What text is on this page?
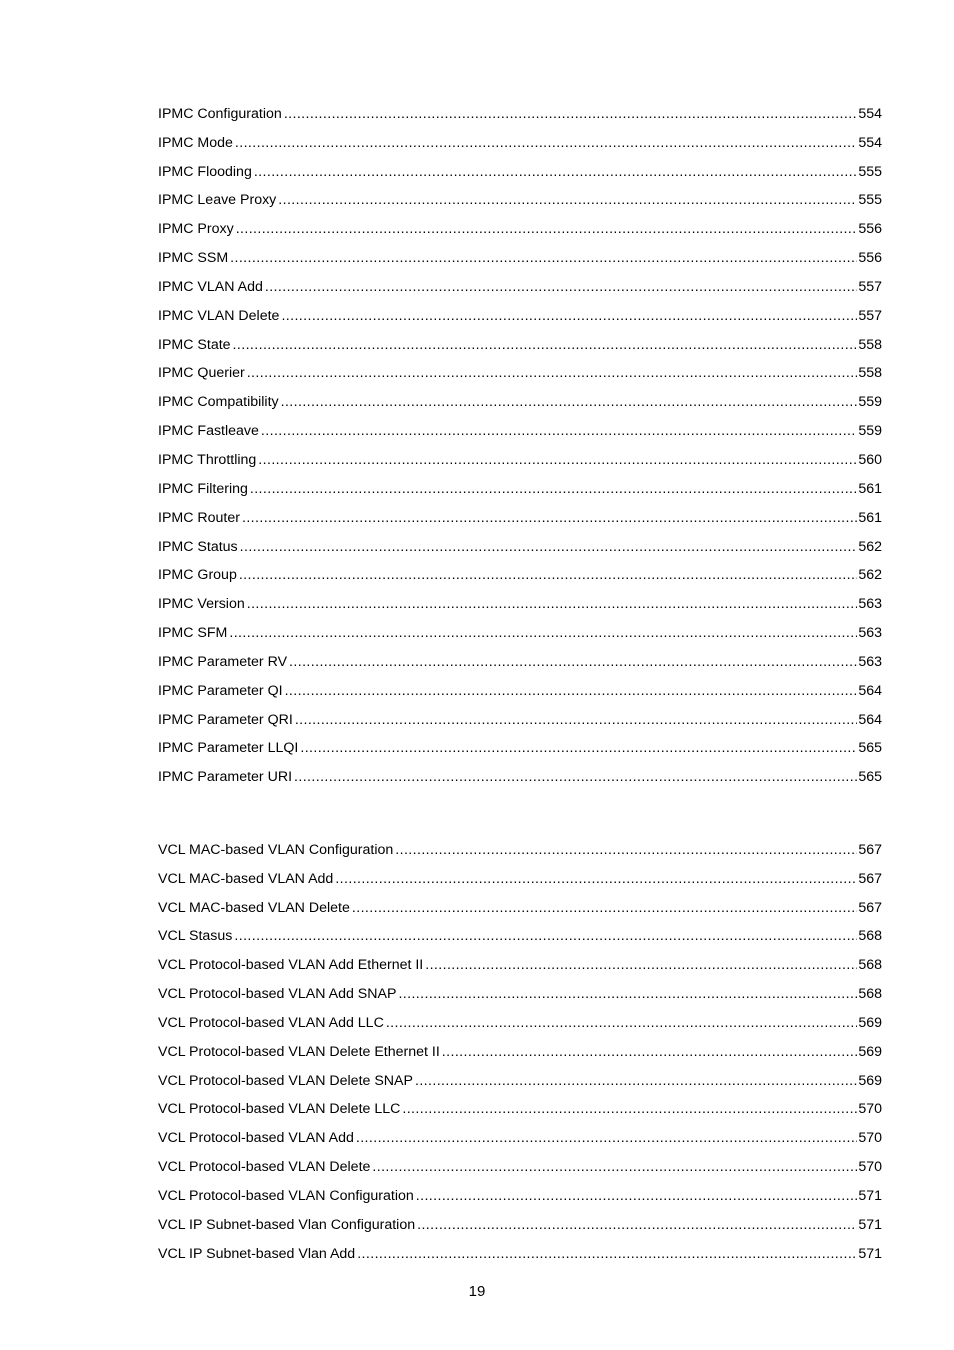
IPMC Configuration .....	554
IPMC Mode .....	554
IPMC Flooding .....	555
IPMC Leave Proxy .....	555
IPMC Proxy .....	556
IPMC SSM .....	556
IPMC VLAN Add .....	557
IPMC VLAN Delete .....	557
IPMC State .....	558
IPMC Querier .....	558
IPMC Compatibility .....	559
IPMC Fastleave .....	559
IPMC Throttling .....	560
IPMC Filtering .....	561
IPMC Router .....	561
IPMC Status .....	562
IPMC Group .....	562
IPMC Version .....	563
IPMC SFM .....	563
IPMC Parameter RV .....	563
IPMC Parameter QI .....	564
IPMC Parameter QRI .....	564
IPMC Parameter LLQI .....	565
IPMC Parameter URI .....	565
VCL MAC-based VLAN Configuration .....	567
VCL MAC-based VLAN Add .....	567
VCL MAC-based VLAN Delete .....	567
VCL Stasus .....	568
VCL Protocol-based VLAN Add Ethernet II .....	568
VCL Protocol-based VLAN Add SNAP .....	568
VCL Protocol-based VLAN Add LLC .....	569
VCL Protocol-based VLAN Delete Ethernet II .....	569
VCL Protocol-based VLAN Delete SNAP .....	569
VCL Protocol-based VLAN Delete LLC .....	570
VCL Protocol-based VLAN Add .....	570
VCL Protocol-based VLAN Delete .....	570
VCL Protocol-based VLAN Configuration .....	571
VCL IP Subnet-based Vlan Configuration .....	571
VCL IP Subnet-based Vlan Add .....	571
19
